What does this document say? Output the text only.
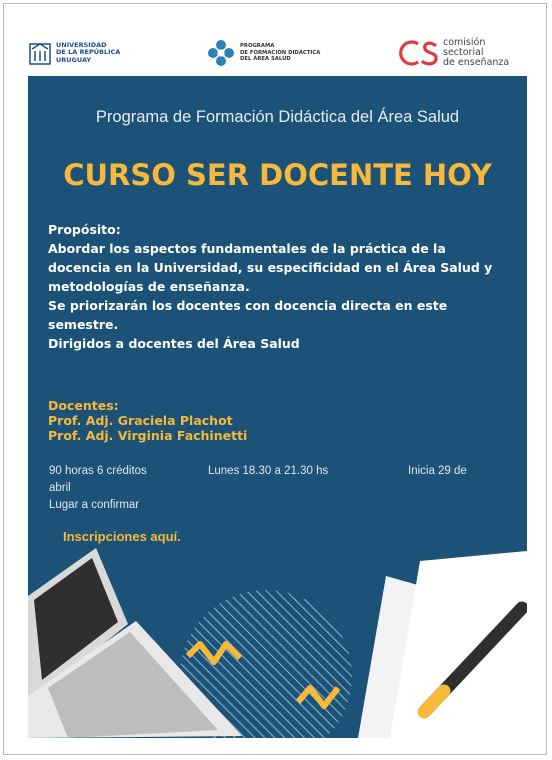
UNIVERSIDAD
DE LA REPÚBLICA
URUGUAY
PROGRAMA
DE FORMACIÓN DIDÁCTICA
DEL ÁREA SALUD
comisión sectorial
de enseñanza
Programa de Formación Didáctica del Área Salud
CURSO SER DOCENTE HOY
Propósito:
Abordar los aspectos fundamentales de la práctica de la
docencia en la Universidad, su especificidad en el Área Salud y
metodologías de enseñanza.
Se priorizarán los docentes con docencia directa en este
semestre.
Dirigidos a docentes del Área Salud
Docentes:
Prof. Adj. Graciela Plachot
Prof. Adj. Virginia Fachinetti
90 horas 6 créditos
abril
Lunes 18.30 a 21.30 hs	Inicia 29 de
Lugar a confirmar
Inscripciones aquí.
